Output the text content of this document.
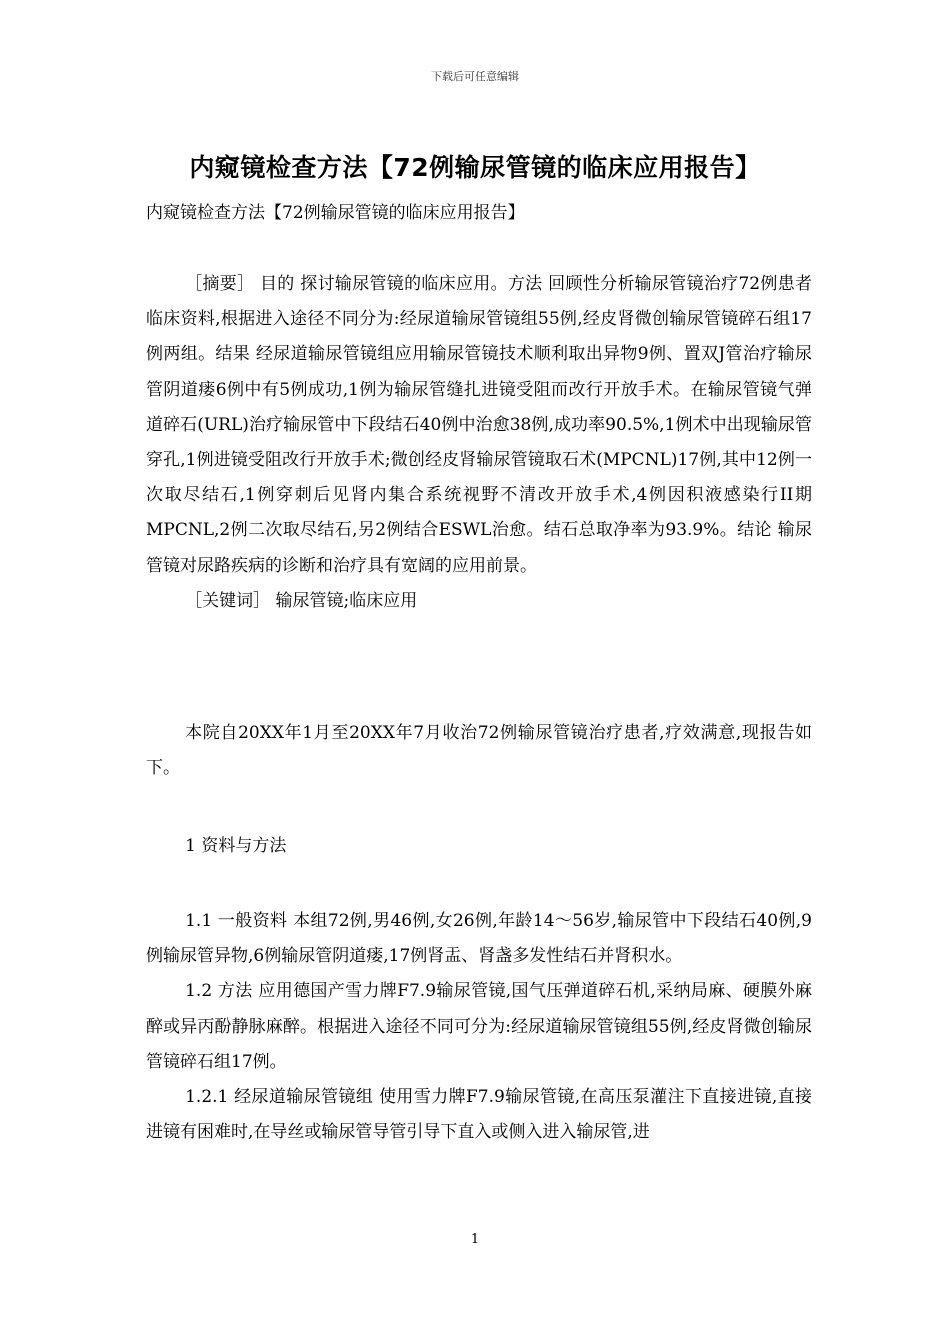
下载后可任意编辑
内窥镜检查方法【72例输尿管镜的临床应用报告】
内窥镜检查方法【72例输尿管镜的临床应用报告】

［摘要］ 目的 探讨输尿管镜的临床应用。方法 回顾性分析输尿管镜治疗72例患者临床资料,根据进入途径不同分为:经尿道输尿管镜组55例,经皮肾微创输尿管镜碎石组17例两组。结果 经尿道输尿管镜组应用输尿管镜技术顺利取出异物9例、置双J管治疗输尿管阴道瘘6例中有5例成功,1例为输尿管缝扎进镜受阻而改行开放手术。在输尿管镜气弹道碎石(URL)治疗输尿管中下段结石40例中治愈38例,成功率90.5%,1例术中出现输尿管穿孔,1例进镜受阻改行开放手术;微创经皮肾输尿管镜取石术(MPCNL)17例,其中12例一次取尽结石,1例穿刺后见肾内集合系统视野不清改开放手术,4例因积液感染行II期MPCNL,2例二次取尽结石,另2例结合ESWL治愈。结石总取净率为93.9%。结论 输尿管镜对尿路疾病的诊断和治疗具有宽阔的应用前景。

［关键词］ 输尿管镜;临床应用

本院自20XX年1月至20XX年7月收治72例输尿管镜治疗患者,疗效满意,现报告如下。

1 资料与方法

1.1 一般资料 本组72例,男46例,女26例,年龄14～56岁,输尿管中下段结石40例,9例输尿管异物,6例输尿管阴道瘘,17例肾盂、肾盏多发性结石并肾积水。

1.2 方法 应用德国产雪力牌F7.9输尿管镜,国气压弹道碎石机,采纳局麻、硬膜外麻醉或异丙酚静脉麻醉。根据进入途径不同可分为:经尿道输尿管镜组55例,经皮肾微创输尿管镜碎石组17例。

1.2.1 经尿道输尿管镜组 使用雪力牌F7.9输尿管镜,在高压泵灌注下直接进镜,直接进镜有困难时,在导丝或输尿管导管引导下直入或侧入进入输尿管,进

1
